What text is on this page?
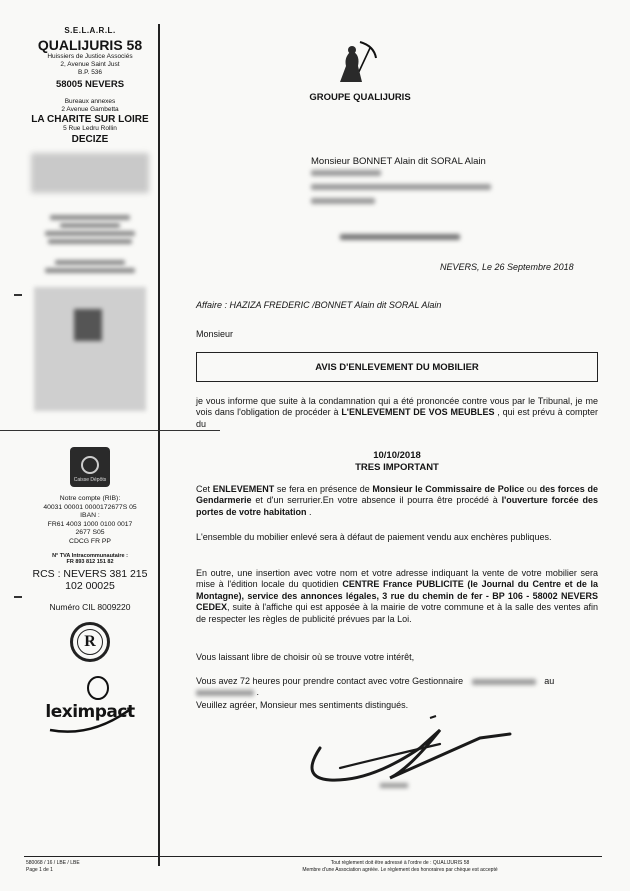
S.E.L.A.R.L.
QUALIJURIS 58
Huissiers de Justice Associés
2, Avenue Saint Just
B.P. 536
58005 NEVERS
Bureaux annexes
2 Avenue Gambetta
LA CHARITE SUR LOIRE
5 Rue Ledru Rollin
DECIZE
Caisse Dépôts
Notre compte (RIB):
40031 00001 0000172677S 05
IBAN :
FR61 4003 1000 0100 0017
2677 S05
CDCG FR PP
N° TVA Intracommunautaire :
FR 893 812 151 82
RCS : NEVERS 381 215
102 00025
Numéro CIL 8009220
R
leximpact
GROUPE QUALIJURIS
Monsieur BONNET Alain dit SORAL Alain
NEVERS, Le 26 Septembre 2018
Affaire : HAZIZA FREDERIC /BONNET Alain dit SORAL Alain
Monsieur
AVIS D'ENLEVEMENT DU MOBILIER
je vous informe que suite à la condamnation qui a été prononcée contre vous par le Tribunal, je me vois dans l'obligation de procéder à L'ENLEVEMENT DE VOS MEUBLES , qui est prévu à compter du
10/10/2018
TRES IMPORTANT
Cet ENLEVEMENT se fera en présence de Monsieur le Commissaire de Police ou des forces de Gendarmerie et d'un serrurier.En votre absence il pourra être procédé à l'ouverture forcée des portes de votre habitation .
L'ensemble du mobilier enlevé sera à défaut de paiement vendu aux enchères publiques.
En outre, une insertion avec votre nom et votre adresse indiquant la vente de votre mobilier sera mise à l'édition locale du quotidien CENTRE France PUBLICITE (le Journal du Centre et de la Montagne), service des annonces légales, 3 rue du chemin de fer - BP 106 - 58002 NEVERS CEDEX, suite à l'affiche qui est apposée à la mairie de votre commune et à la salle des ventes afin de respecter les règles de publicité prévues par la Loi.
Vous laissant libre de choisir où se trouve votre intérêt,
Vous avez 72 heures pour prendre contact avec votre Gestionnaire	au
.
Veuillez agréer, Monsieur mes sentiments distingués.
580068 / 16 / LBE / LBE
Page 1 de 1
Tout règlement doit être adressé à l'ordre de : QUALIJURIS 58
Membre d'une Association agréée. Le règlement des honoraires par chèque est accepté
